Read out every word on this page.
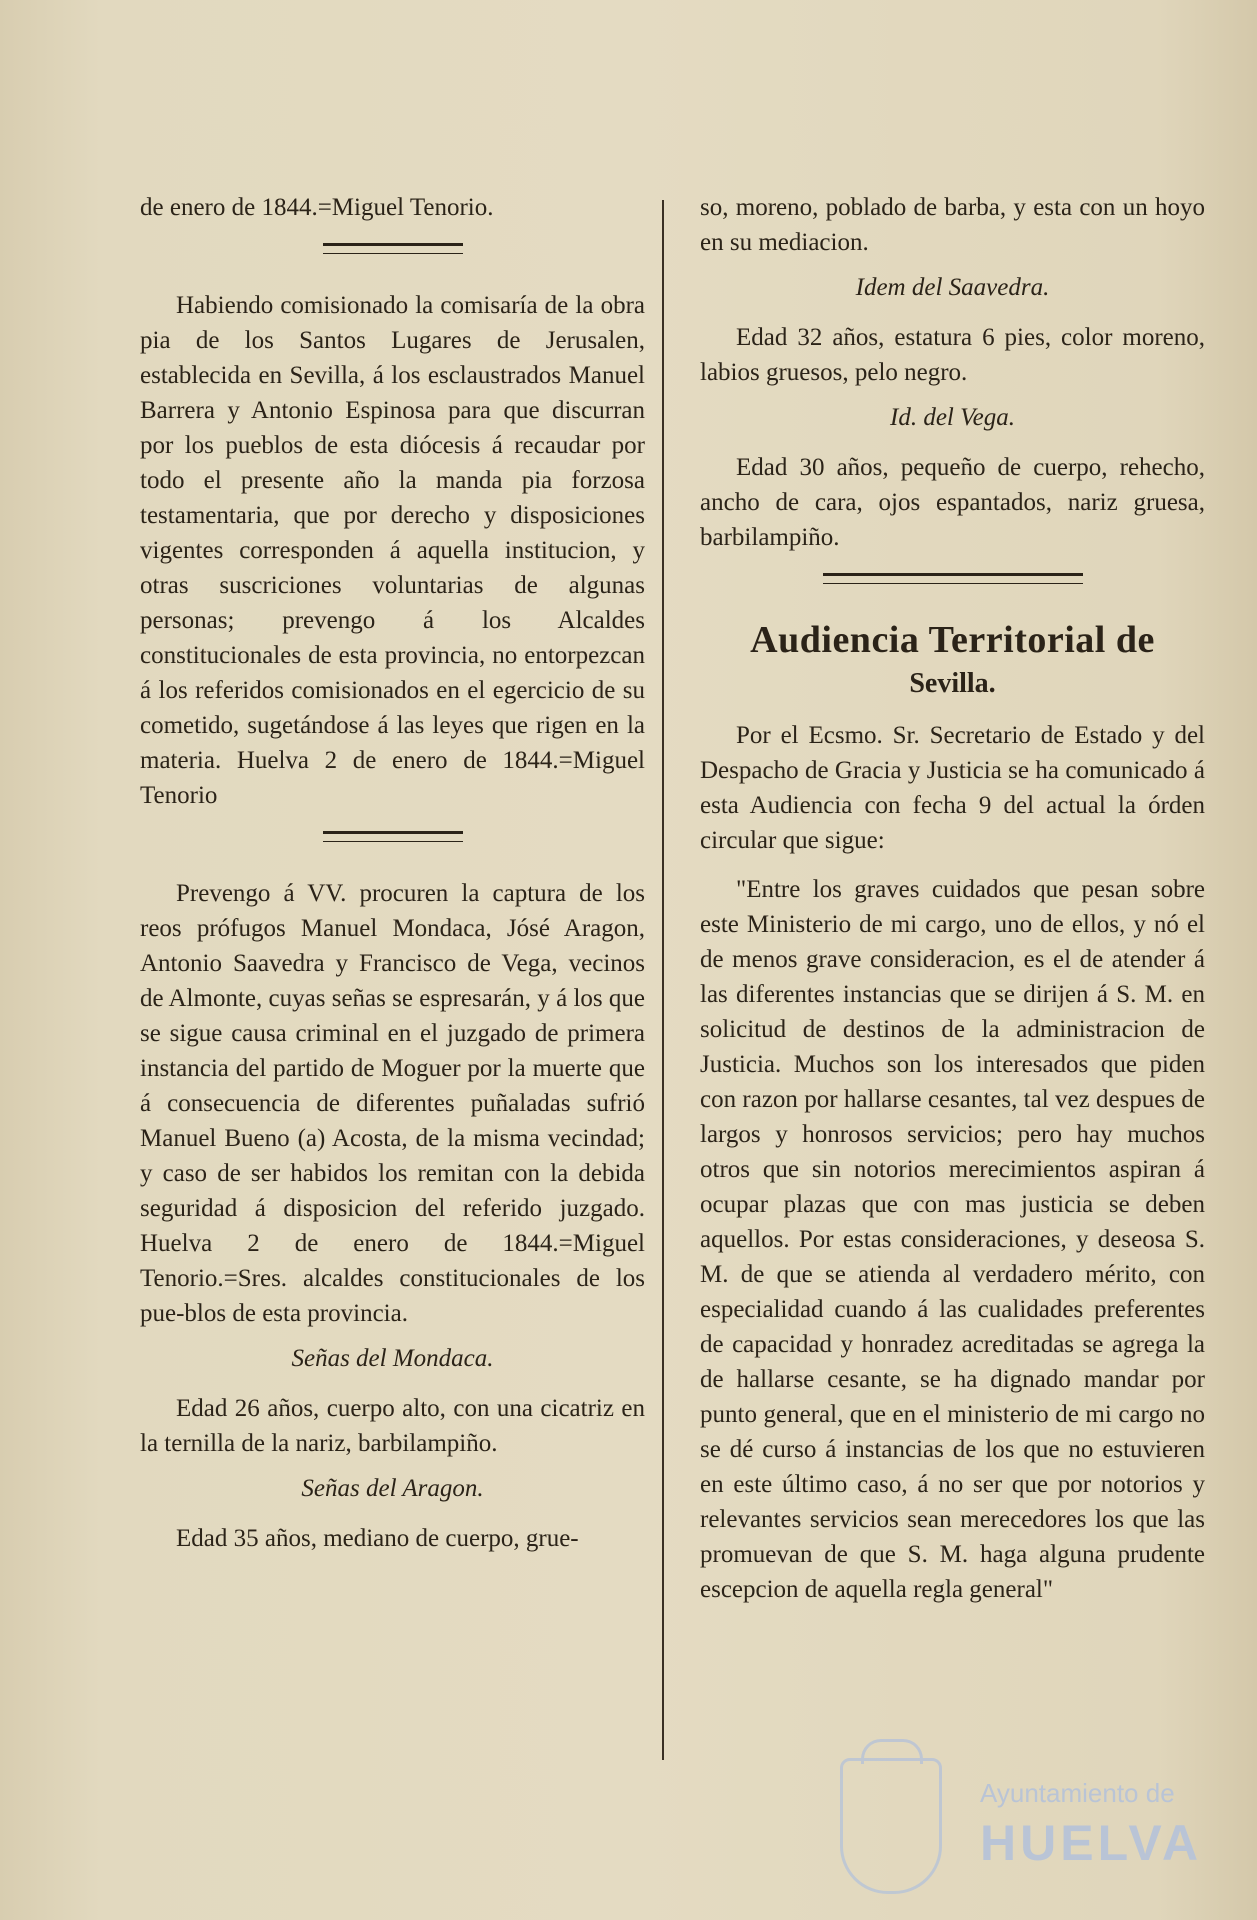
de enero de 1844.=Miguel Tenorio.

Habiendo comisionado la comisaría de la obra pia de los Santos Lugares de Jerusalen, establecida en Sevilla, á los esclaustrados Manuel Barrera y Antonio Espinosa para que discurran por los pueblos de esta diócesis á recaudar por todo el presente año la manda pia forzosa testamentaria, que por derecho y disposiciones vigentes corresponden á aquella institucion, y otras suscriciones voluntarias de algunas personas; prevengo á los Alcaldes constitucionales de esta provincia, no entorpezcan á los referidos comisionados en el egercicio de su cometido, sugetándose á las leyes que rigen en la materia. Huelva 2 de enero de 1844.=Miguel Tenorio

Prevengo á VV. procuren la captura de los reos prófugos Manuel Mondaca, Jósé Aragon, Antonio Saavedra y Francisco de Vega, vecinos de Almonte, cuyas señas se espresarán, y á los que se sigue causa criminal en el juzgado de primera instancia del partido de Moguer por la muerte que á consecuencia de diferentes puñaladas sufrió Manuel Bueno (a) Acosta, de la misma vecindad; y caso de ser habidos los remitan con la debida seguridad á disposicion del referido juzgado. Huelva 2 de enero de 1844.=Miguel Tenorio.=Sres. alcaldes constitucionales de los pue-blos de esta provincia.

Señas del Mondaca.

Edad 26 años, cuerpo alto, con una cicatriz en la ternilla de la nariz, barbilampiño.

Señas del Aragon.

Edad 35 años, mediano de cuerpo, grue-

so, moreno, poblado de barba, y esta con un hoyo en su mediacion.

Idem del Saavedra.

Edad 32 años, estatura 6 pies, color moreno, labios gruesos, pelo negro.

Id. del Vega.

Edad 30 años, pequeño de cuerpo, rehecho, ancho de cara, ojos espantados, nariz gruesa, barbilampiño.

Audiencia Territorial de
Sevilla.

Por el Ecsmo. Sr. Secretario de Estado y del Despacho de Gracia y Justicia se ha comunicado á esta Audiencia con fecha 9 del actual la órden circular que sigue:

"Entre los graves cuidados que pesan sobre este Ministerio de mi cargo, uno de ellos, y nó el de menos grave consideracion, es el de atender á las diferentes instancias que se dirijen á S. M. en solicitud de destinos de la administracion de Justicia. Muchos son los interesados que piden con razon por hallarse cesantes, tal vez despues de largos y honrosos servicios; pero hay muchos otros que sin notorios merecimientos aspiran á ocupar plazas que con mas justicia se deben aquellos. Por estas consideraciones, y deseosa S. M. de que se atienda al verdadero mérito, con especialidad cuando á las cualidades preferentes de capacidad y honradez acreditadas se agrega la de hallarse cesante, se ha dignado mandar por punto general, que en el ministerio de mi cargo no se dé curso á instancias de los que no estuvieren en este último caso, á no ser que por notorios y relevantes servicios sean merecedores los que las promuevan de que S. M. haga alguna prudente escepcion de aquella regla general"

Ayuntamiento de
HUELVA
